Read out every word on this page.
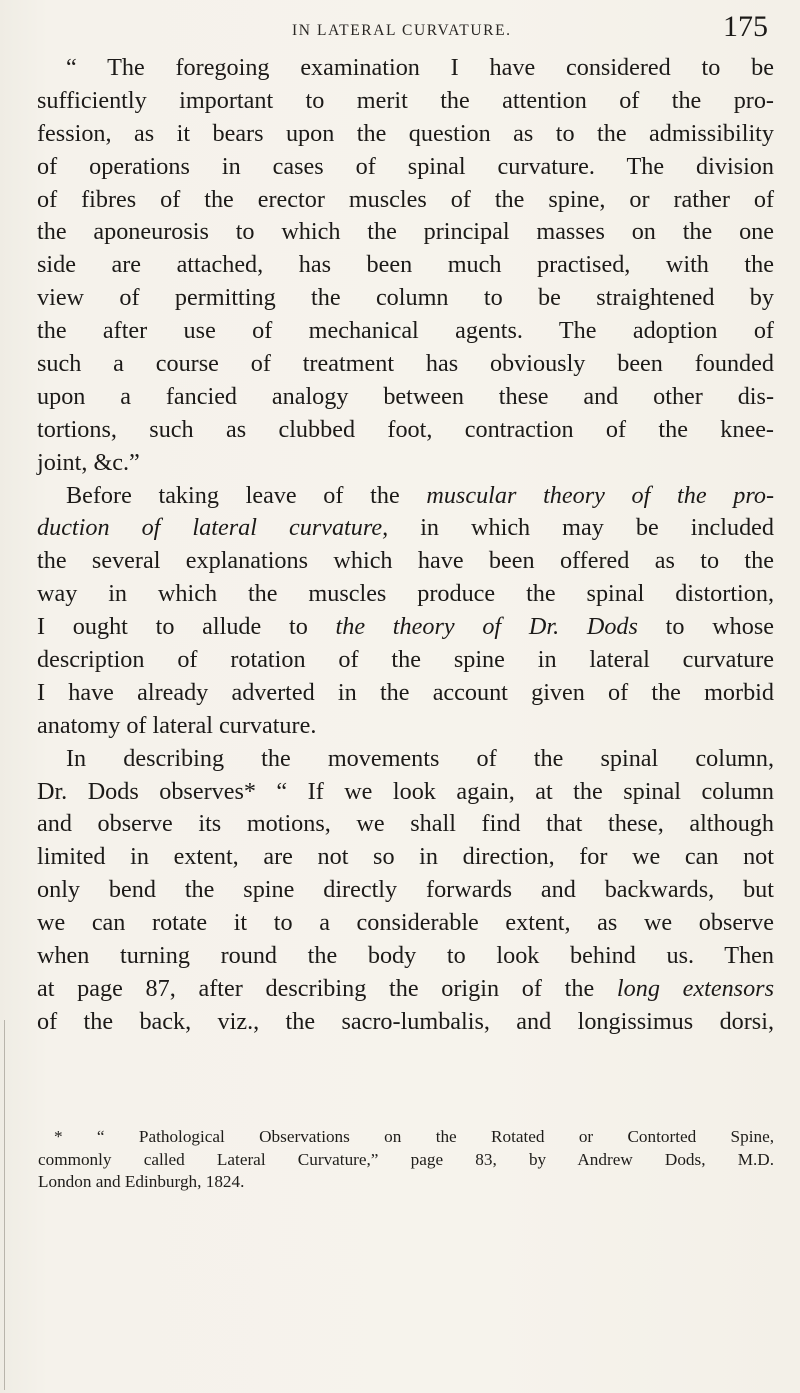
IN LATERAL CURVATURE.	175
“ The foregoing examination I have considered to be
sufficiently important to merit the attention of the pro-
fession, as it bears upon the question as to the admissibility
of operations in cases of spinal curvature. The division
of fibres of the erector muscles of the spine, or rather of
the aponeurosis to which the principal masses on the one
side are attached, has been much practised, with the
view of permitting the column to be straightened by
the after use of mechanical agents. The adoption of
such a course of treatment has obviously been founded
upon a fancied analogy between these and other dis-
tortions, such as clubbed foot, contraction of the knee-
joint, &c.”
Before taking leave of the muscular theory of the pro-
duction of lateral curvature, in which may be included
the several explanations which have been offered as to the
way in which the muscles produce the spinal distortion,
I ought to allude to the theory of Dr. Dods to whose
description of rotation of the spine in lateral curvature
I have already adverted in the account given of the morbid
anatomy of lateral curvature.
In describing the movements of the spinal column,
Dr. Dods observes* “ If we look again, at the spinal column
and observe its motions, we shall find that these, although
limited in extent, are not so in direction, for we can not
only bend the spine directly forwards and backwards, but
we can rotate it to a considerable extent, as we observe
when turning round the body to look behind us. Then
at page 87, after describing the origin of the long extensors
of the back, viz., the sacro-lumbalis, and longissimus dorsi,
* “ Pathological Observations on the Rotated or Contorted Spine,
commonly called Lateral Curvature,” page 83, by Andrew Dods, M.D.
London and Edinburgh, 1824.
